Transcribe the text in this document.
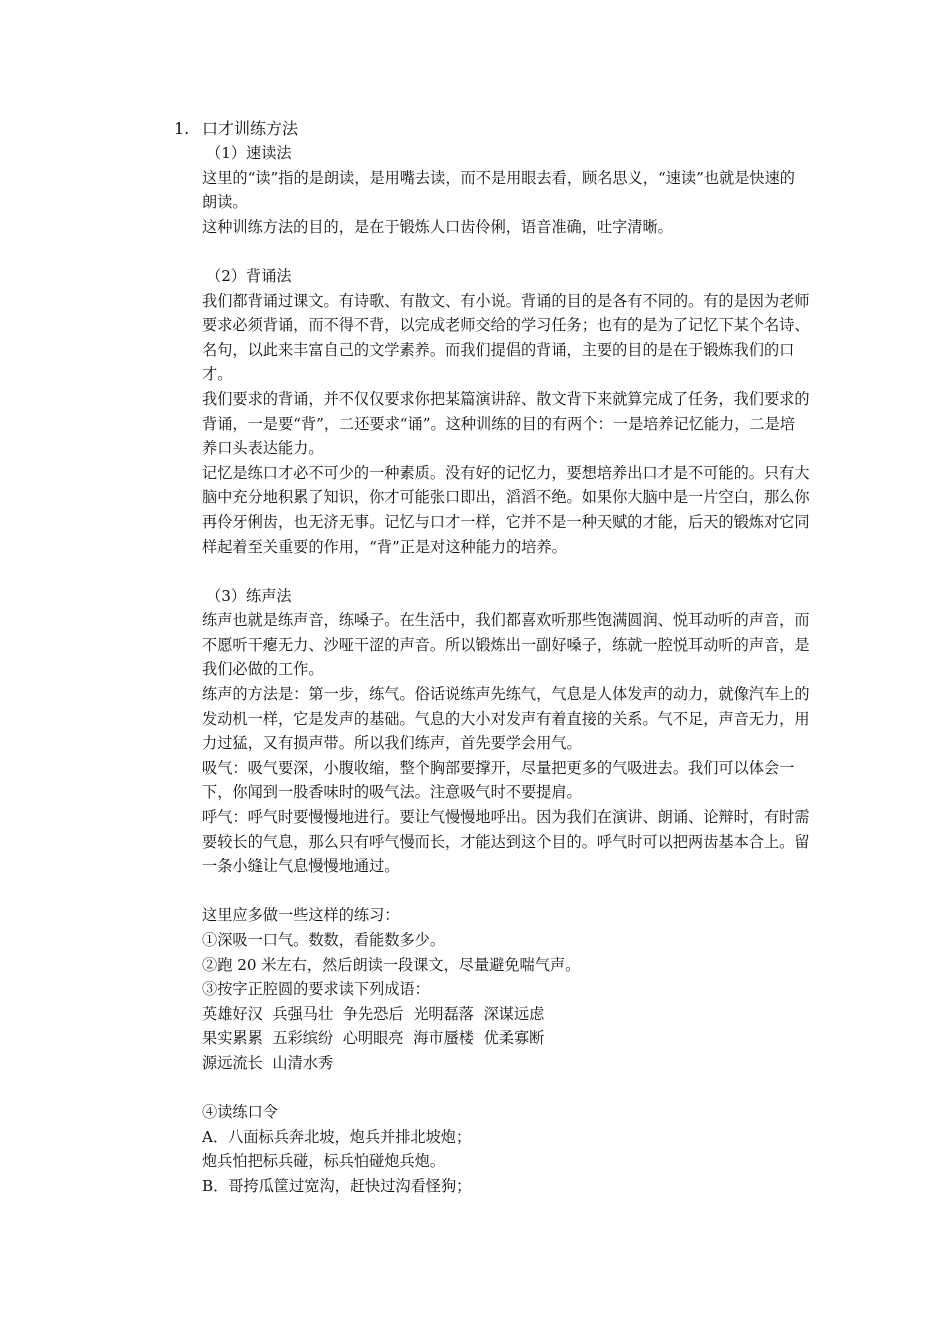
1. 口才训练方法

（1）速读法

这里的“读”指的是朗读，是用嘴去读，而不是用眼去看，顾名思义，“速读”也就是快速的朗读。

这种训练方法的目的，是在于锻炼人口齿伶俐，语音准确，吐字清晰。

（2）背诵法

我们都背诵过课文。有诗歌、有散文、有小说。背诵的目的是各有不同的。有的是因为老师要求必须背诵，而不得不背，以完成老师交给的学习任务；也有的是为了记忆下某个名诗、名句，以此来丰富自己的文学素养。而我们提倡的背诵，主要的目的是在于锻炼我们的口才。

我们要求的背诵，并不仅仅要求你把某篇演讲辞、散文背下来就算完成了任务，我们要求的背诵，一是要“背”，二还要求“诵”。这种训练的目的有两个：一是培养记忆能力，二是培养口头表达能力。

记忆是练口才必不可少的一种素质。没有好的记忆力，要想培养出口才是不可能的。只有大脑中充分地积累了知识，你才可能张口即出，滔滔不绝。如果你大脑中是一片空白，那么你再伶牙俐齿，也无济无事。记忆与口才一样，它并不是一种天赋的才能，后天的锻炼对它同样起着至关重要的作用，“背”正是对这种能力的培养。

（3）练声法

练声也就是练声音，练嗓子。在生活中，我们都喜欢听那些饱满圆润、悦耳动听的声音，而不愿听干瘪无力、沙哑干涩的声音。所以锻炼出一副好嗓子，练就一腔悦耳动听的声音，是我们必做的工作。

练声的方法是：第一步，练气。俗话说练声先练气，气息是人体发声的动力，就像汽车上的发动机一样，它是发声的基础。气息的大小对发声有着直接的关系。气不足，声音无力，用力过猛，又有损声带。所以我们练声，首先要学会用气。

吸气：吸气要深，小腹收缩，整个胸部要撑开，尽量把更多的气吸进去。我们可以体会一下，你闻到一股香味时的吸气法。注意吸气时不要提肩。

呼气：呼气时要慢慢地进行。要让气慢慢地呼出。因为我们在演讲、朗诵、论辩时，有时需要较长的气息，那么只有呼气慢而长，才能达到这个目的。呼气时可以把两齿基本合上。留一条小缝让气息慢慢地通过。

这里应多做一些这样的练习：

①深吸一口气。数数，看能数多少。

②跑 20 米左右，然后朗读一段课文，尽量避免喘气声。

③按字正腔圆的要求读下列成语：

英雄好汉  兵强马壮  争先恐后  光明磊落  深谋远虑

果实累累  五彩缤纷  心明眼亮  海市蜃楼  优柔寡断

源远流长  山清水秀

④读练口令

A．八面标兵奔北坡，炮兵并排北坡炮；

炮兵怕把标兵碰，标兵怕碰炮兵炮。

B．哥挎瓜筐过宽沟，赶快过沟看怪狗；
